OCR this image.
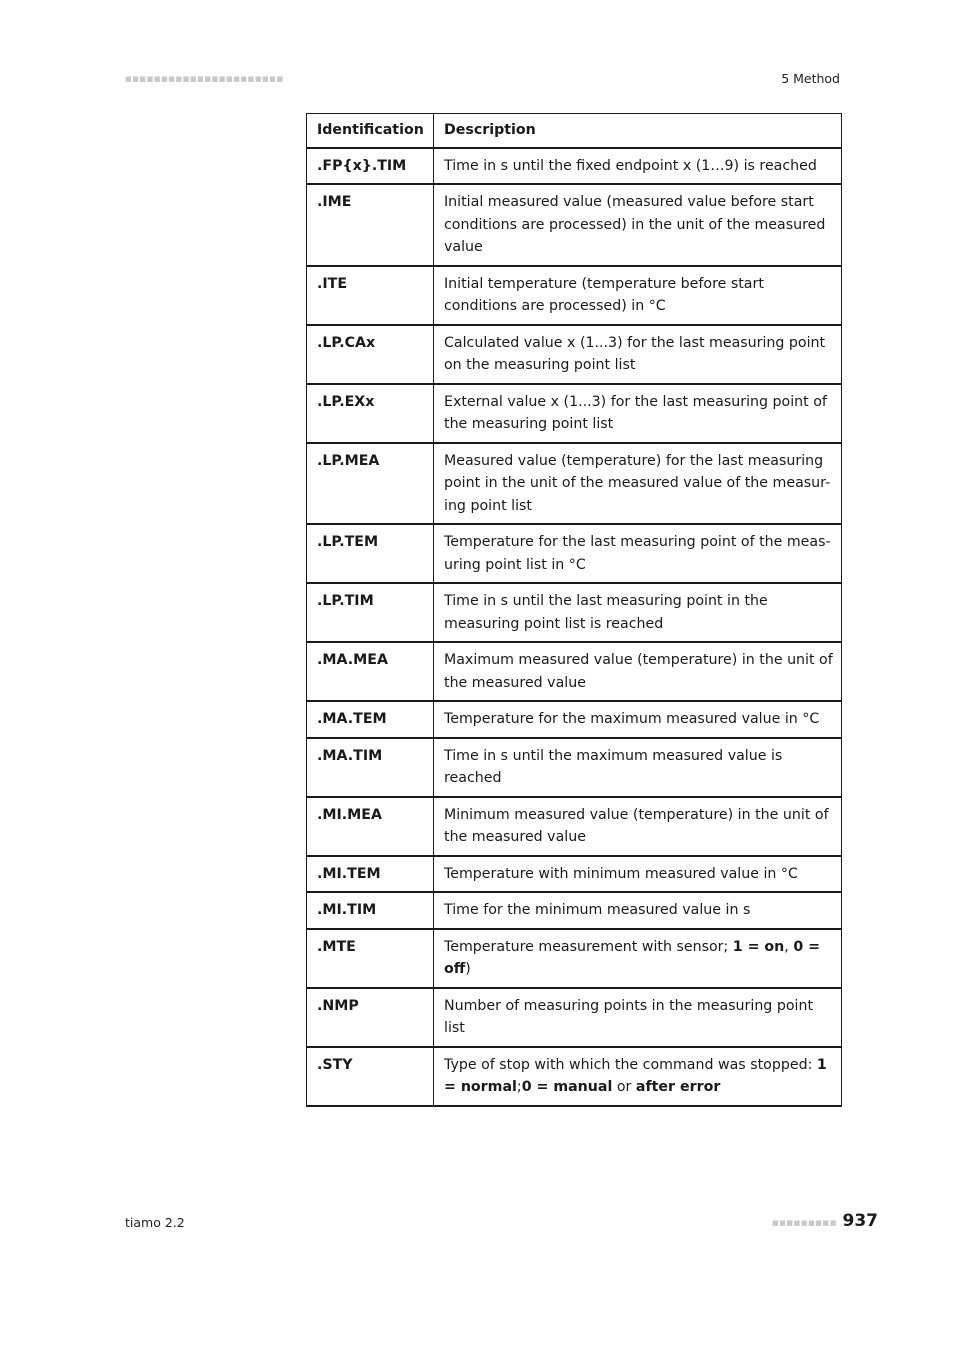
■■■■■■■■■■■■■■■■■■■■■■	5 Method
Identification	Description
.FP{x}.TIM	Time in s until the fixed endpoint x (1…9) is reached
.IME	Initial measured value (measured value before start conditions are processed) in the unit of the measured value
.ITE	Initial temperature (temperature before start conditions are processed) in °C
.LP.CAx	Calculated value x (1...3) for the last measuring point on the measuring point list
.LP.EXx	External value x (1...3) for the last measuring point of the measuring point list
.LP.MEA	Measured value (temperature) for the last measuring point in the unit of the measured value of the measur-ing point list
.LP.TEM	Temperature for the last measuring point of the meas-uring point list in °C
.LP.TIM	Time in s until the last measuring point in the measuring point list is reached
.MA.MEA	Maximum measured value (temperature) in the unit of the measured value
.MA.TEM	Temperature for the maximum measured value in °C
.MA.TIM	Time in s until the maximum measured value is reached
.MI.MEA	Minimum measured value (temperature) in the unit of the measured value
.MI.TEM	Temperature with minimum measured value in °C
.MI.TIM	Time for the minimum measured value in s
.MTE	Temperature measurement with sensor; 1 = on, 0 = off)
.NMP	Number of measuring points in the measuring point list
.STY	Type of stop with which the command was stopped: 1 = normal;0 = manual or after error
tiamo 2.2	■■■■■■■■■ 937
